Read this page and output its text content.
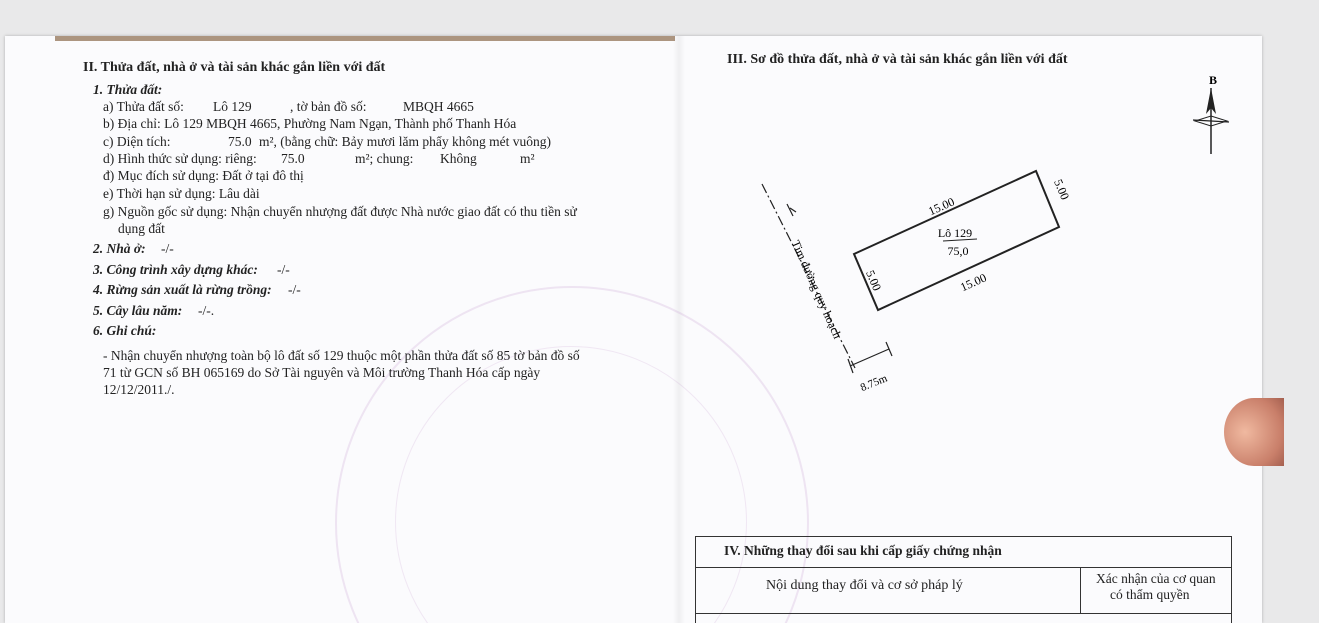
II. Thửa đất, nhà ở và tài sản khác gắn liền với đất
1. Thửa đất:
a) Thửa đất số: Lô 129	, tờ bản đồ số:	MBQH 4665
b) Địa chỉ: Lô 129 MBQH 4665, Phường Nam Ngạn, Thành phố Thanh Hóa
c) Diện tích:	75.0 m², (bằng chữ: Bảy mươi lăm phẩy không mét vuông)
d) Hình thức sử dụng: riêng: 75.0	m²; chung: Không	m²
đ) Mục đích sử dụng: Đất ở tại đô thị
e) Thời hạn sử dụng: Lâu dài
g) Nguồn gốc sử dụng: Nhận chuyển nhượng đất được Nhà nước giao đất có thu tiền sử
dụng đất
2. Nhà ở: -/-
3. Công trình xây dựng khác: -/-
4. Rừng sản xuất là rừng trồng: -/-
5. Cây lâu năm: -/-.
6. Ghi chú:
- Nhận chuyển nhượng toàn bộ lô đất số 129 thuộc một phần thửa đất số 85 tờ bản đồ số
71 từ GCN số BH 065169 do Sở Tài nguyên và Môi trường Thanh Hóa cấp ngày
12/12/2011./.
III. Sơ đồ thửa đất, nhà ở và tài sản khác gắn liền với đất
B
Lô 129
75,0
15.00
15.00
5.00
5.00
Tim đường quy hoạch
8.75m
IV. Những thay đổi sau khi cấp giấy chứng nhận
Nội dung thay đổi và cơ sở pháp lý	Xác nhận của cơ quan
có thẩm quyền
